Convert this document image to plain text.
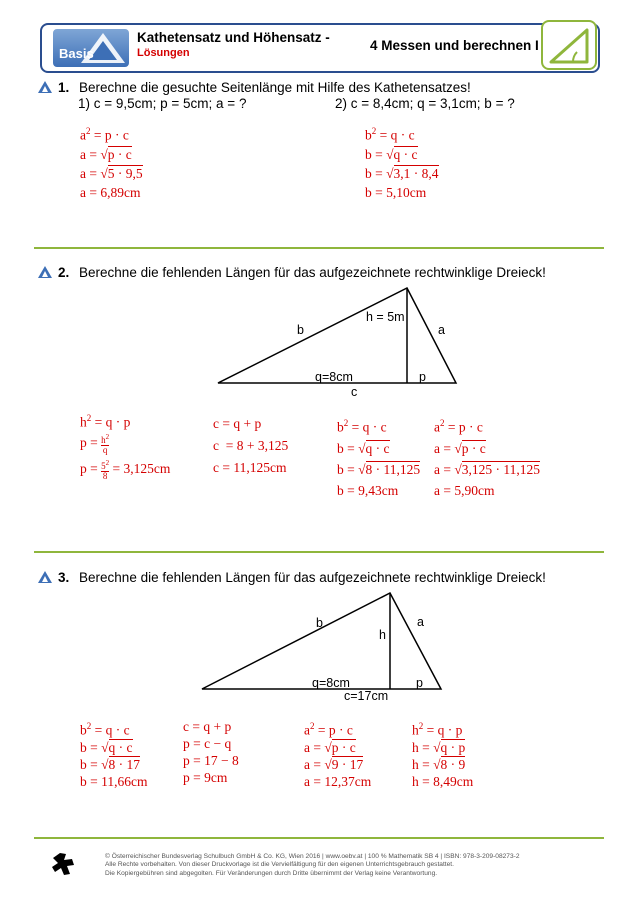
Basis
Kathetensatz und Höhensatz -
Lösungen	4 Messen und berechnen I
1. Berechne die gesuchte Seitenlänge mit Hilfe des Kathetensatzes!
1) c = 9,5cm; p = 5cm; a = ?	2) c = 8,4cm; q = 3,1cm; b = ?
$a^2 = p \cdot c$
a = √p · c
a = √5 · 9,5
a = 6,89cm
$b^2 = q \cdot c$
b = √q · c
b = √3,1 · 8,4
b = 5,10cm
2. Berechne die fehlenden Längen für das aufgezeichnete rechtwinklige Dreieck!
b
h = 5m
a
q=8cm	p
c
$h^2 = q \cdot p$
$p = \frac{h^2}{q}$
$p = \frac{5^2}{8} = 3,125cm$
c = q + p
c  = 8 + 3,125
c = 11,125cm
$b^2 = q \cdot c$
b = √q · c
b = √8 · 11,125
b = 9,43cm
$a^2 = p \cdot c$
a = √p · c
a = √3,125 · 11,125
a = 5,90cm
3. Berechne die fehlenden Längen für das aufgezeichnete rechtwinklige Dreieck!
b
h
a
q=8cm	p
c=17cm
$b^2 = q \cdot c$
b = √q · c
b = √8 · 17
b = 11,66cm
c = q + p
p = c − q
p = 17 − 8
p = 9cm
$a^2 = p \cdot c$
a = √p · c
a = √9 · 17
a = 12,37cm
$h^2 = q \cdot p$
h = √q · p
h = √8 · 9
h = 8,49cm
© Österreichischer Bundesverlag Schulbuch GmbH & Co. KG, Wien 2016 | www.oebv.at | 100 % Mathematik SB 4 | ISBN: 978-3-209-08273-2
Alle Rechte vorbehalten. Von dieser Druckvorlage ist die Vervielfältigung für den eigenen Unterrichtsgebrauch gestattet.
Die Kopiergebühren sind abgegolten. Für Veränderungen durch Dritte übernimmt der Verlag keine Verantwortung.
